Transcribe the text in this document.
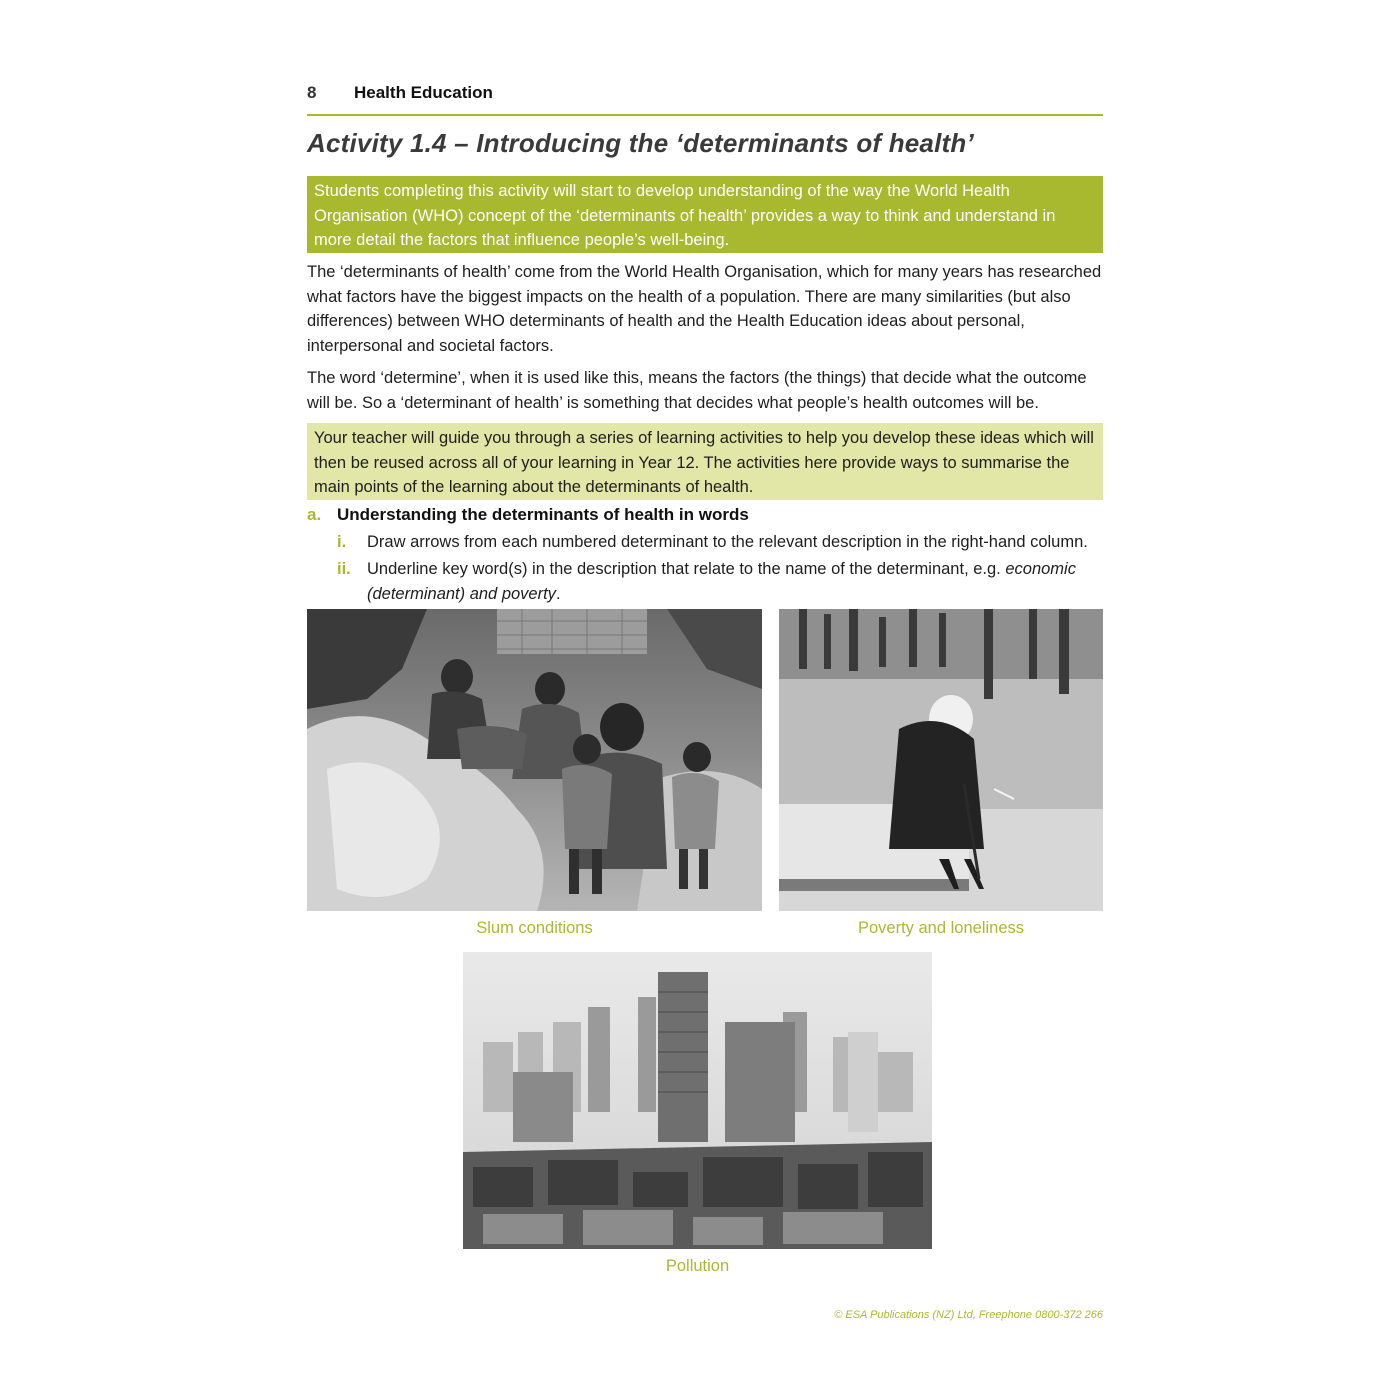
8 Health Education
Activity 1.4 – Introducing the ‘determinants of health’
Students completing this activity will start to develop understanding of the way the World Health Organisation (WHO) concept of the ‘determinants of health’ provides a way to think and understand in more detail the factors that influence people’s well-being.

The ‘determinants of health’ come from the World Health Organisation, which for many years has researched what factors have the biggest impacts on the health of a population. There are many similarities (but also differences) between WHO determinants of health and the Health Education ideas about personal, interpersonal and societal factors.

The word ‘determine’, when it is used like this, means the factors (the things) that decide what the outcome will be. So a ‘determinant of health’ is something that decides what people’s health outcomes will be.

Your teacher will guide you through a series of learning activities to help you develop these ideas which will then be reused across all of your learning in Year 12. The activities here provide ways to summarise the main points of the learning about the determinants of health.
a. Understanding the determinants of health in words
i. Draw arrows from each numbered determinant to the relevant description in the right-hand column.
ii. Underline key word(s) in the description that relate to the name of the determinant, e.g. economic (determinant) and poverty.
Slum conditions	Poverty and loneliness
Pollution
© ESA Publications (NZ) Ltd, Freephone 0800-372 266
